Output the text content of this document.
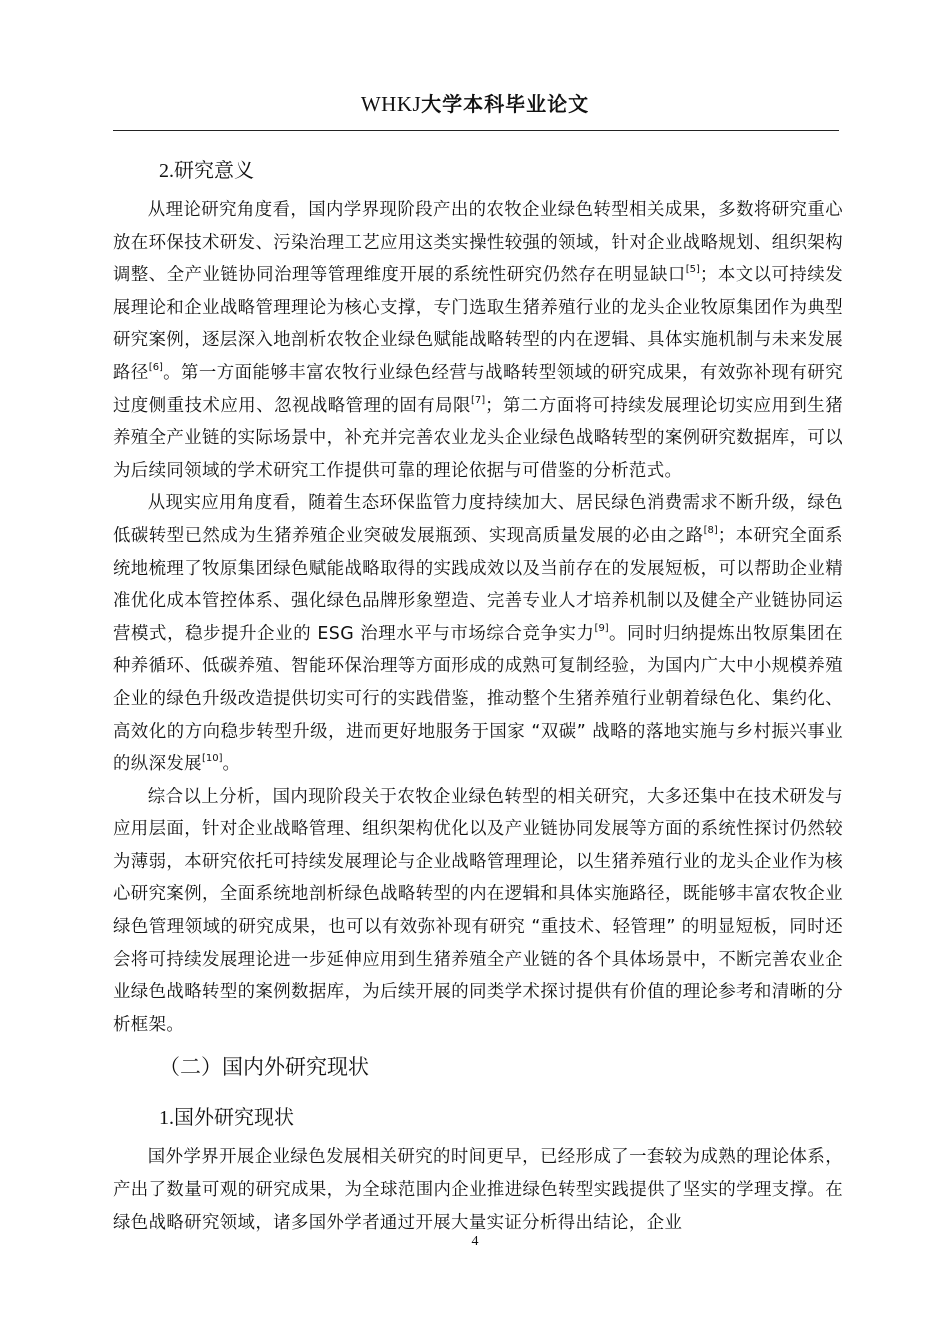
WHKJ大学本科毕业论文
2.研究意义

从理论研究角度看，国内学界现阶段产出的农牧企业绿色转型相关成果，多数将研究重心放在环保技术研发、污染治理工艺应用这类实操性较强的领域，针对企业战略规划、组织架构调整、全产业链协同治理等管理维度开展的系统性研究仍然存在明显缺口[5]；本文以可持续发展理论和企业战略管理理论为核心支撑，专门选取生猪养殖行业的龙头企业牧原集团作为典型研究案例，逐层深入地剖析农牧企业绿色赋能战略转型的内在逻辑、具体实施机制与未来发展路径[6]。第一方面能够丰富农牧行业绿色经营与战略转型领域的研究成果，有效弥补现有研究过度侧重技术应用、忽视战略管理的固有局限[7]；第二方面将可持续发展理论切实应用到生猪养殖全产业链的实际场景中，补充并完善农业龙头企业绿色战略转型的案例研究数据库，可以为后续同领域的学术研究工作提供可靠的理论依据与可借鉴的分析范式。

从现实应用角度看，随着生态环保监管力度持续加大、居民绿色消费需求不断升级，绿色低碳转型已然成为生猪养殖企业突破发展瓶颈、实现高质量发展的必由之路[8]；本研究全面系统地梳理了牧原集团绿色赋能战略取得的实践成效以及当前存在的发展短板，可以帮助企业精准优化成本管控体系、强化绿色品牌形象塑造、完善专业人才培养机制以及健全产业链协同运营模式，稳步提升企业的 ESG 治理水平与市场综合竞争实力[9]。同时归纳提炼出牧原集团在种养循环、低碳养殖、智能环保治理等方面形成的成熟可复制经验，为国内广大中小规模养殖企业的绿色升级改造提供切实可行的实践借鉴，推动整个生猪养殖行业朝着绿色化、集约化、高效化的方向稳步转型升级，进而更好地服务于国家 “双碳” 战略的落地实施与乡村振兴事业的纵深发展[10]。

综合以上分析，国内现阶段关于农牧企业绿色转型的相关研究，大多还集中在技术研发与应用层面，针对企业战略管理、组织架构优化以及产业链协同发展等方面的系统性探讨仍然较为薄弱，本研究依托可持续发展理论与企业战略管理理论，以生猪养殖行业的龙头企业作为核心研究案例，全面系统地剖析绿色战略转型的内在逻辑和具体实施路径，既能够丰富农牧企业绿色管理领域的研究成果，也可以有效弥补现有研究 “重技术、轻管理” 的明显短板，同时还会将可持续发展理论进一步延伸应用到生猪养殖全产业链的各个具体场景中，不断完善农业企业绿色战略转型的案例数据库，为后续开展的同类学术探讨提供有价值的理论参考和清晰的分析框架。

（二）国内外研究现状
1.国外研究现状

国外学界开展企业绿色发展相关研究的时间更早，已经形成了一套较为成熟的理论体系，产出了数量可观的研究成果，为全球范围内企业推进绿色转型实践提供了坚实的学理支撑。在绿色战略研究领域，诸多国外学者通过开展大量实证分析得出结论，企业

4
